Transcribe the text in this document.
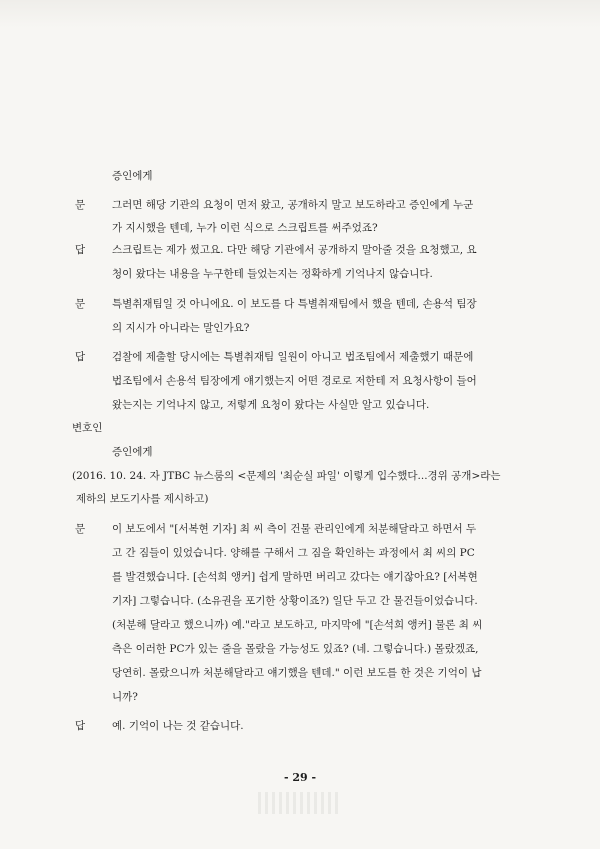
증인에게
문	그러면 해당 기관의 요청이 먼저 왔고, 공개하지 말고 보도하라고 증인에게 누군
가 지시했을 텐데, 누가 이런 식으로 스크립트를 써주었죠?
답	스크립트는 제가 썼고요. 다만 해당 기관에서 공개하지 말아줄 것을 요청했고, 요
청이 왔다는 내용을 누구한테 들었는지는 정확하게 기억나지 않습니다.
문	특별취재팀일 것 아니에요. 이 보도를 다 특별취재팀에서 했을 텐데, 손용석 팀장
의 지시가 아니라는 말인가요?
답	검찰에 제출할 당시에는 특별취재팀 일원이 아니고 법조팀에서 제출했기 때문에
법조팀에서 손용석 팀장에게 얘기했는지 어떤 경로로 저한테 저 요청사항이 들어
왔는지는 기억나지 않고, 저렇게 요청이 왔다는 사실만 알고 있습니다.
변호인
증인에게
(2016. 10. 24. 자 JTBC 뉴스룸의 <문제의 '최순실 파일' 이렇게 입수했다...경위 공개>라는
제하의 보도기사를 제시하고)
문	이 보도에서 "[서복현 기자] 최 씨 측이 건물 관리인에게 처분해달라고 하면서 두
고 간 짐들이 있었습니다. 양해를 구해서 그 짐을 확인하는 과정에서 최 씨의 PC
를 발견했습니다. [손석희 앵커] 쉽게 말하면 버리고 갔다는 얘기잖아요? [서복현
기자] 그렇습니다. (소유권을 포기한 상황이죠?) 일단 두고 간 물건들이었습니다.
(처분해 달라고 했으니까) 예."라고 보도하고, 마지막에 "[손석희 앵커] 물론 최 씨
측은 이러한 PC가 있는 줄을 몰랐을 가능성도 있죠? (네. 그렇습니다.) 몰랐겠죠,
당연히. 몰랐으니까 처분해달라고 얘기했을 텐데." 이런 보도를 한 것은 기억이 납
니까?
답	예. 기억이 나는 것 같습니다.
- 29 -
